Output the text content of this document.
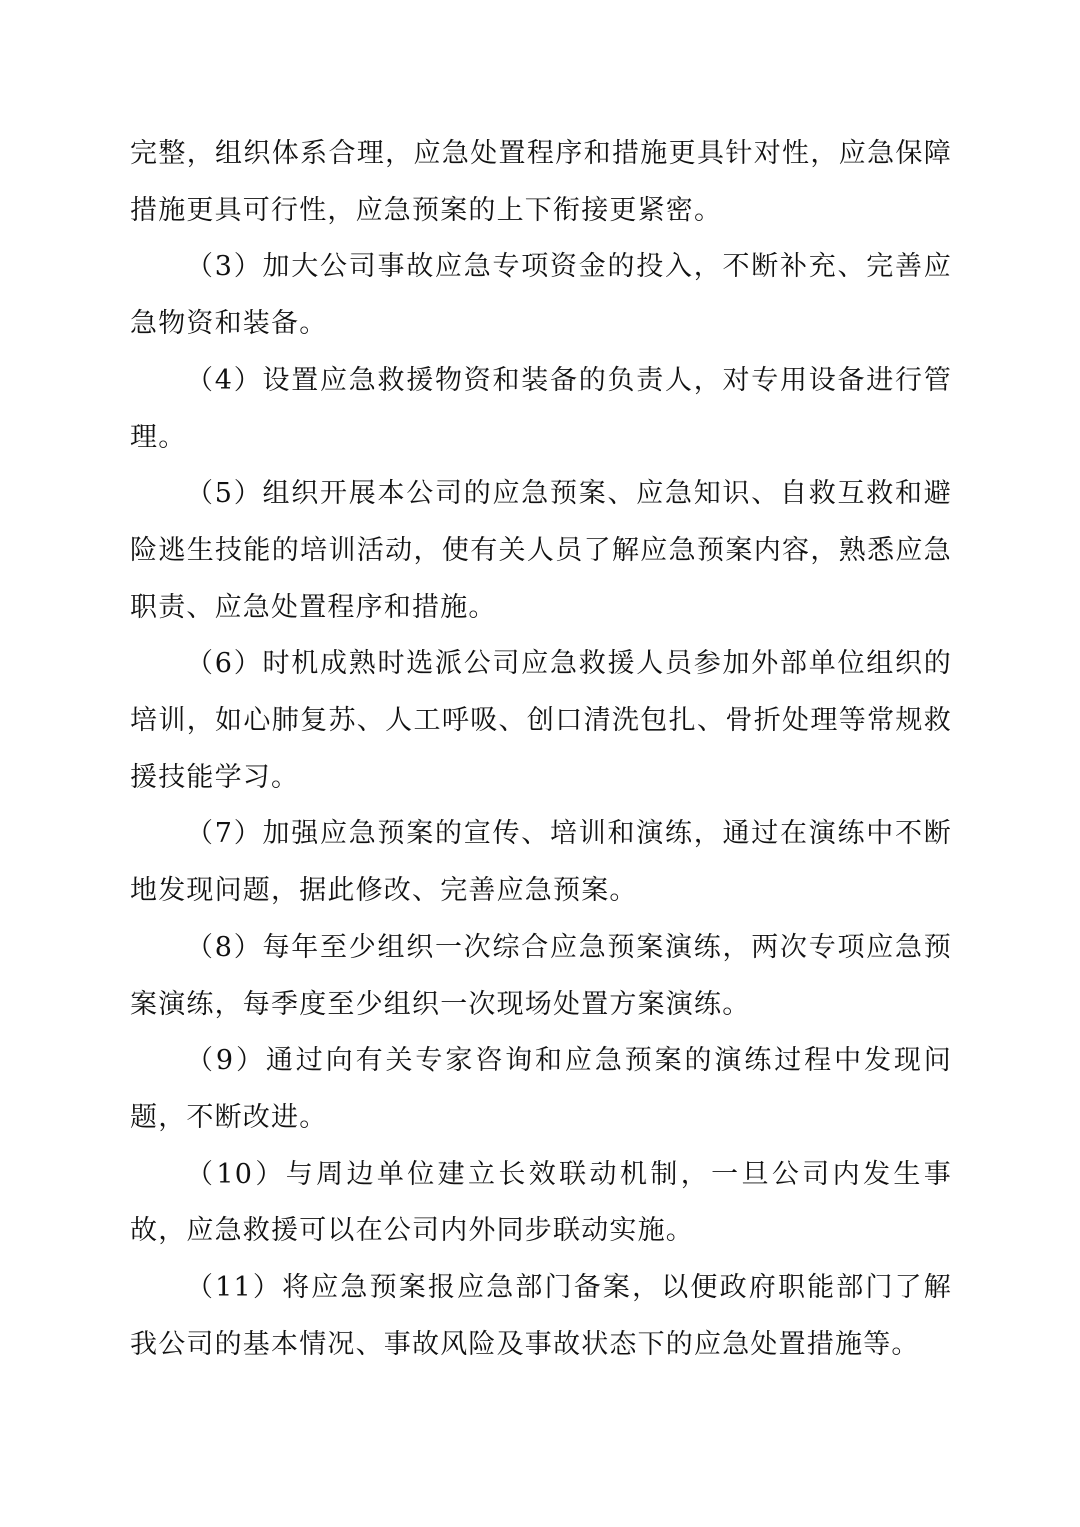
完整，组织体系合理，应急处置程序和措施更具针对性，应急保障措施更具可行性，应急预案的上下衔接更紧密。

（3）加大公司事故应急专项资金的投入，不断补充、完善应急物资和装备。

（4）设置应急救援物资和装备的负责人，对专用设备进行管理。

（5）组织开展本公司的应急预案、应急知识、自救互救和避险逃生技能的培训活动，使有关人员了解应急预案内容，熟悉应急职责、应急处置程序和措施。

（6）时机成熟时选派公司应急救援人员参加外部单位组织的培训，如心肺复苏、人工呼吸、创口清洗包扎、骨折处理等常规救援技能学习。

（7）加强应急预案的宣传、培训和演练，通过在演练中不断地发现问题，据此修改、完善应急预案。

（8）每年至少组织一次综合应急预案演练，两次专项应急预案演练，每季度至少组织一次现场处置方案演练。

（9）通过向有关专家咨询和应急预案的演练过程中发现问题，不断改进。

（10）与周边单位建立长效联动机制，一旦公司内发生事故，应急救援可以在公司内外同步联动实施。

（11）将应急预案报应急部门备案，以便政府职能部门了解我公司的基本情况、事故风险及事故状态下的应急处置措施等。
